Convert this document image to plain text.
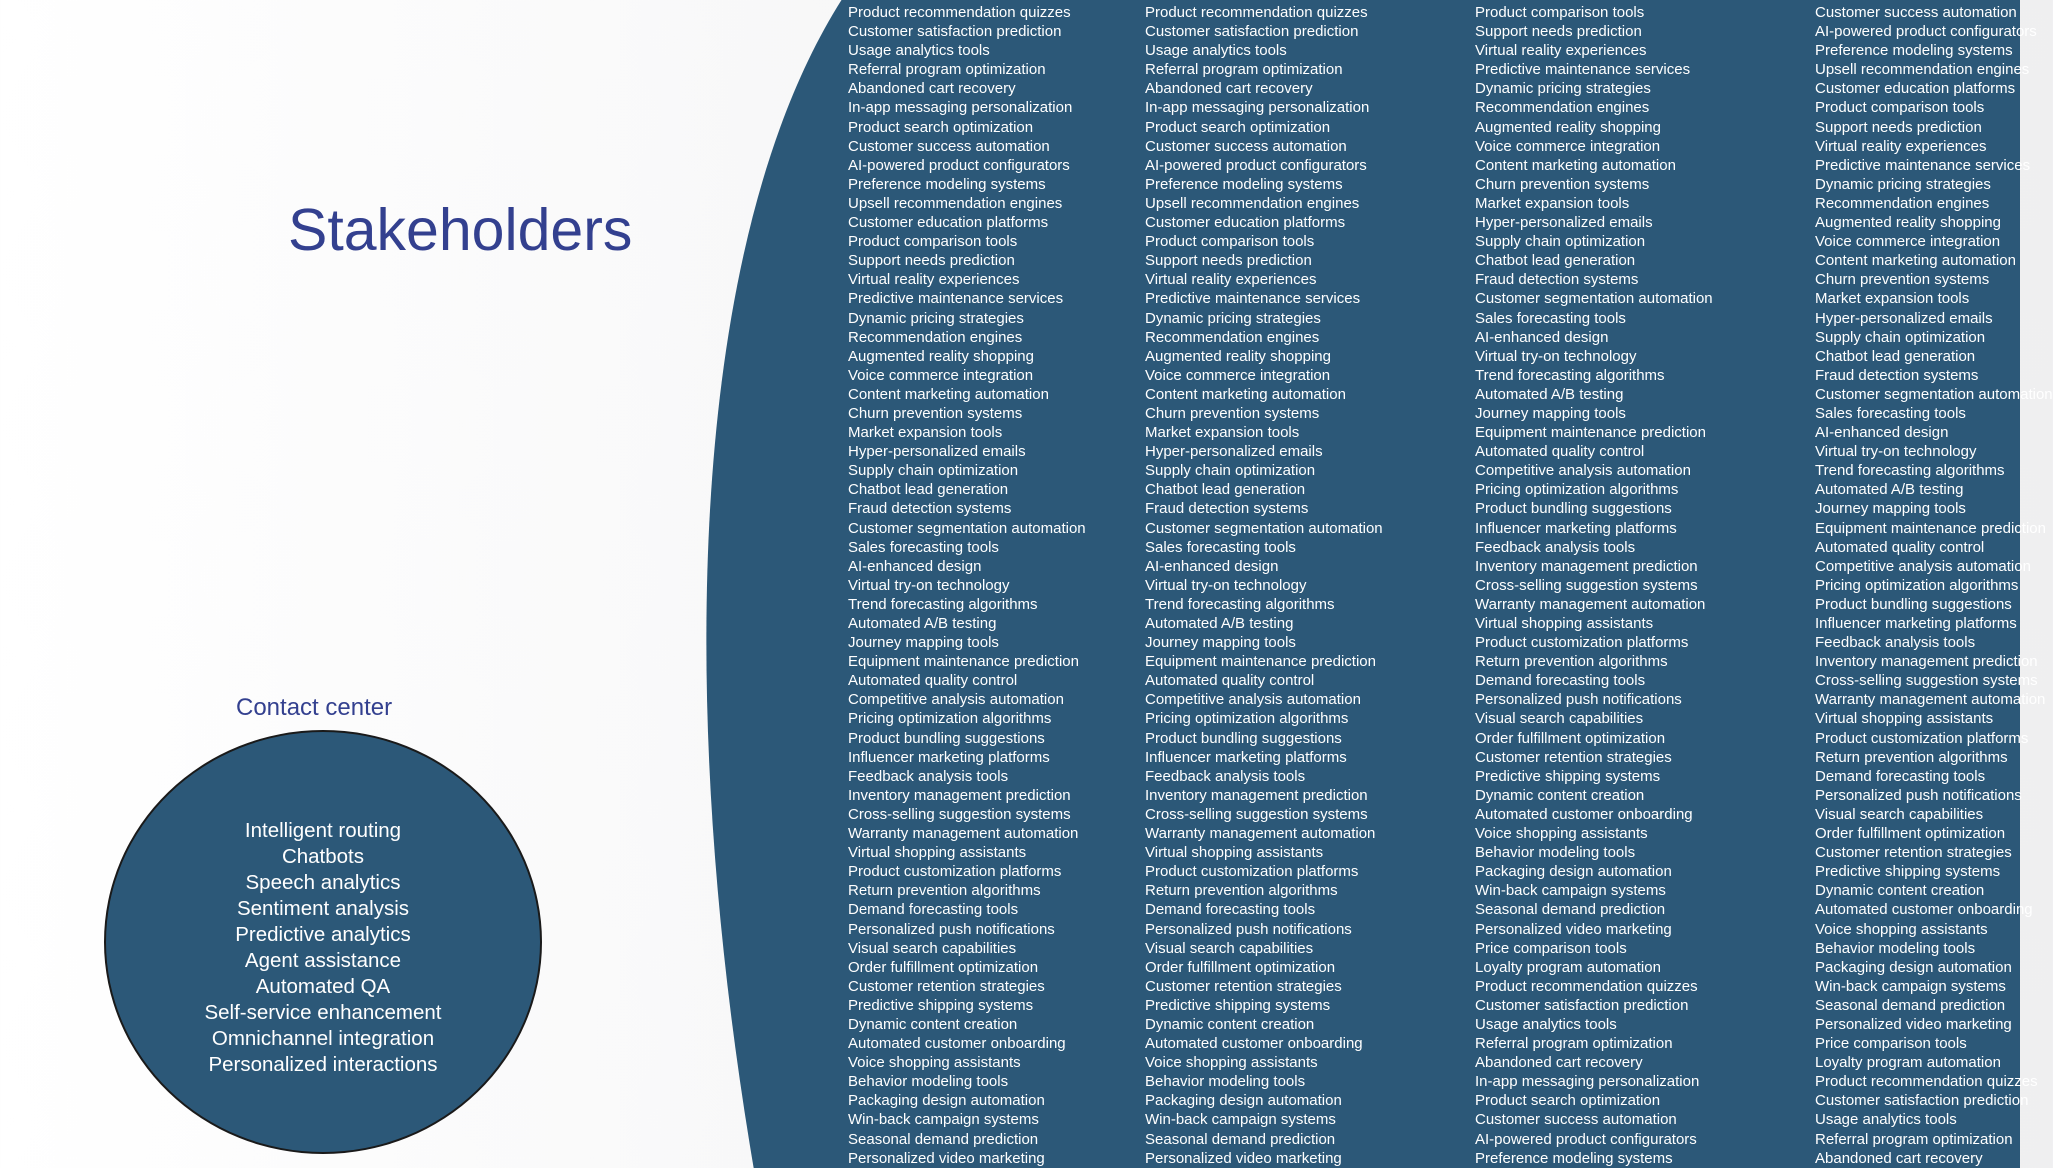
Stakeholders
Contact center
Intelligent routing
Chatbots
Speech analytics
Sentiment analysis
Predictive analytics
Agent assistance
Automated QA
Self-service enhancement
Omnichannel integration
Personalized interactions
Product recommendation quizzes
Customer satisfaction prediction
Usage analytics tools
Referral program optimization
Abandoned cart recovery
In-app messaging personalization
Product search optimization
Customer success automation
AI-powered product configurators
Preference modeling systems
Upsell recommendation engines
Customer education platforms
Product comparison tools
Support needs prediction
Virtual reality experiences
Predictive maintenance services
Dynamic pricing strategies
Recommendation engines
Augmented reality shopping
Voice commerce integration
Content marketing automation
Churn prevention systems
Market expansion tools
Hyper-personalized emails
Supply chain optimization
Chatbot lead generation
Fraud detection systems
Customer segmentation automation
Sales forecasting tools
AI-enhanced design
Virtual try-on technology
Trend forecasting algorithms
Automated A/B testing
Journey mapping tools
Equipment maintenance prediction
Automated quality control
Competitive analysis automation
Pricing optimization algorithms
Product bundling suggestions
Influencer marketing platforms
Feedback analysis tools
Inventory management prediction
Cross-selling suggestion systems
Warranty management automation
Virtual shopping assistants
Product customization platforms
Return prevention algorithms
Demand forecasting tools
Personalized push notifications
Visual search capabilities
Order fulfillment optimization
Customer retention strategies
Predictive shipping systems
Dynamic content creation
Automated customer onboarding
Voice shopping assistants
Behavior modeling tools
Packaging design automation
Win-back campaign systems
Seasonal demand prediction
Personalized video marketing
Product recommendation quizzes
Customer satisfaction prediction
Usage analytics tools
Referral program optimization
Abandoned cart recovery
In-app messaging personalization
Product search optimization
Customer success automation
AI-powered product configurators
Preference modeling systems
Upsell recommendation engines
Customer education platforms
Product comparison tools
Support needs prediction
Virtual reality experiences
Predictive maintenance services
Dynamic pricing strategies
Recommendation engines
Augmented reality shopping
Voice commerce integration
Content marketing automation
Churn prevention systems
Market expansion tools
Hyper-personalized emails
Supply chain optimization
Chatbot lead generation
Fraud detection systems
Customer segmentation automation
Sales forecasting tools
AI-enhanced design
Virtual try-on technology
Trend forecasting algorithms
Automated A/B testing
Journey mapping tools
Equipment maintenance prediction
Automated quality control
Competitive analysis automation
Pricing optimization algorithms
Product bundling suggestions
Influencer marketing platforms
Feedback analysis tools
Inventory management prediction
Cross-selling suggestion systems
Warranty management automation
Virtual shopping assistants
Product customization platforms
Return prevention algorithms
Demand forecasting tools
Personalized push notifications
Visual search capabilities
Order fulfillment optimization
Customer retention strategies
Predictive shipping systems
Dynamic content creation
Automated customer onboarding
Voice shopping assistants
Behavior modeling tools
Packaging design automation
Win-back campaign systems
Seasonal demand prediction
Personalized video marketing
Product comparison tools
Support needs prediction
Virtual reality experiences
Predictive maintenance services
Dynamic pricing strategies
Recommendation engines
Augmented reality shopping
Voice commerce integration
Content marketing automation
Churn prevention systems
Market expansion tools
Hyper-personalized emails
Supply chain optimization
Chatbot lead generation
Fraud detection systems
Customer segmentation automation
Sales forecasting tools
AI-enhanced design
Virtual try-on technology
Trend forecasting algorithms
Automated A/B testing
Journey mapping tools
Equipment maintenance prediction
Automated quality control
Competitive analysis automation
Pricing optimization algorithms
Product bundling suggestions
Influencer marketing platforms
Feedback analysis tools
Inventory management prediction
Cross-selling suggestion systems
Warranty management automation
Virtual shopping assistants
Product customization platforms
Return prevention algorithms
Demand forecasting tools
Personalized push notifications
Visual search capabilities
Order fulfillment optimization
Customer retention strategies
Predictive shipping systems
Dynamic content creation
Automated customer onboarding
Voice shopping assistants
Behavior modeling tools
Packaging design automation
Win-back campaign systems
Seasonal demand prediction
Personalized video marketing
Price comparison tools
Loyalty program automation
Product recommendation quizzes
Customer satisfaction prediction
Usage analytics tools
Referral program optimization
Abandoned cart recovery
In-app messaging personalization
Product search optimization
Customer success automation
AI-powered product configurators
Preference modeling systems
Customer success automation
AI-powered product configurators
Preference modeling systems
Upsell recommendation engines
Customer education platforms
Product comparison tools
Support needs prediction
Virtual reality experiences
Predictive maintenance services
Dynamic pricing strategies
Recommendation engines
Augmented reality shopping
Voice commerce integration
Content marketing automation
Churn prevention systems
Market expansion tools
Hyper-personalized emails
Supply chain optimization
Chatbot lead generation
Fraud detection systems
Customer segmentation automation
Sales forecasting tools
AI-enhanced design
Virtual try-on technology
Trend forecasting algorithms
Automated A/B testing
Journey mapping tools
Equipment maintenance prediction
Automated quality control
Competitive analysis automation
Pricing optimization algorithms
Product bundling suggestions
Influencer marketing platforms
Feedback analysis tools
Inventory management prediction
Cross-selling suggestion systems
Warranty management automation
Virtual shopping assistants
Product customization platforms
Return prevention algorithms
Demand forecasting tools
Personalized push notifications
Visual search capabilities
Order fulfillment optimization
Customer retention strategies
Predictive shipping systems
Dynamic content creation
Automated customer onboarding
Voice shopping assistants
Behavior modeling tools
Packaging design automation
Win-back campaign systems
Seasonal demand prediction
Personalized video marketing
Price comparison tools
Loyalty program automation
Product recommendation quizzes
Customer satisfaction prediction
Usage analytics tools
Referral program optimization
Abandoned cart recovery
